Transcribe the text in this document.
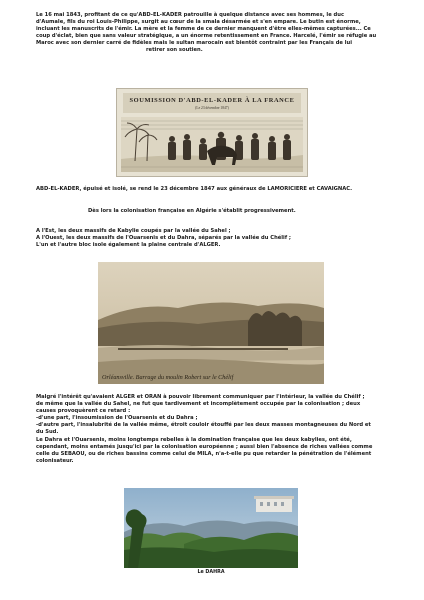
Le 16 mai 1843, profitant de ce qu'ABD-EL-KADER patrouille à quelque distance avec ses hommes, le duc
d'Aumale, fils du roi Louis-Philippe, surgit au cœur de la smala désarmée et s'en empare. Le butin est énorme,
incluant les manuscrits de l'émir. La mère et la femme de ce dernier manquent d'être elles-mêmes capturées... Ce
coup d'éclat, bien que sans valeur stratégique, a un énorme retentissement en France. Harcelé, l'émir se réfugie au
Maroc avec son dernier carré de fidèles mais le sultan marocain est bientôt contraint par les Français de lui
retirer son soutien.
SOUMISSION D'ABD-EL-KADER À LA FRANCE
(Le 23 décembre 1847)
ABD-EL-KADER, épuisé et isolé, se rend le 23 décembre 1847 aux généraux de LAMORICIERE et CAVAIGNAC.
Dès lors la colonisation française en Algérie s'établit progressivement.
A l'Est, les deux massifs de Kabylie coupés par la vallée du Sahel ;
A l'Ouest, les deux massifs de l'Ouarsenis et du Dahra, séparés par la vallée du Chélif ;
L'un et l'autre bloc isole également la plaine centrale d'ALGER.
Orléansville. Barrage du moulin Robert sur le Chélif
Malgré l'intérêt qu'avaient ALGER et ORAN à pouvoir librement communiquer par l'intérieur, la vallée du Chélif ;
de même que la vallée du Sahel, ne fut que tardivement et incomplètement occupée par la colonisation ; deux
causes provoquèrent ce retard :
-d'une part, l'insoumission de l'Ouarsenis et du Dahra ;
-d'autre part, l'insalubrité de la vallée même, étroit couloir étouffé par les deux masses montagneuses du Nord et
du Sud.
Le Dahra et l'Ouarsenis, moins longtemps rebelles à la domination française que les deux kabylies, ont été,
cependant, moins entamés jusqu'ici par la colonisation européenne ; aussi bien l'absence de riches vallées comme
celle du SEBAOU, ou de riches bassins comme celui de MILA, n'a-t-elle pu que retarder la pénétration de l'élément
colonisateur.
Le DAHRA
